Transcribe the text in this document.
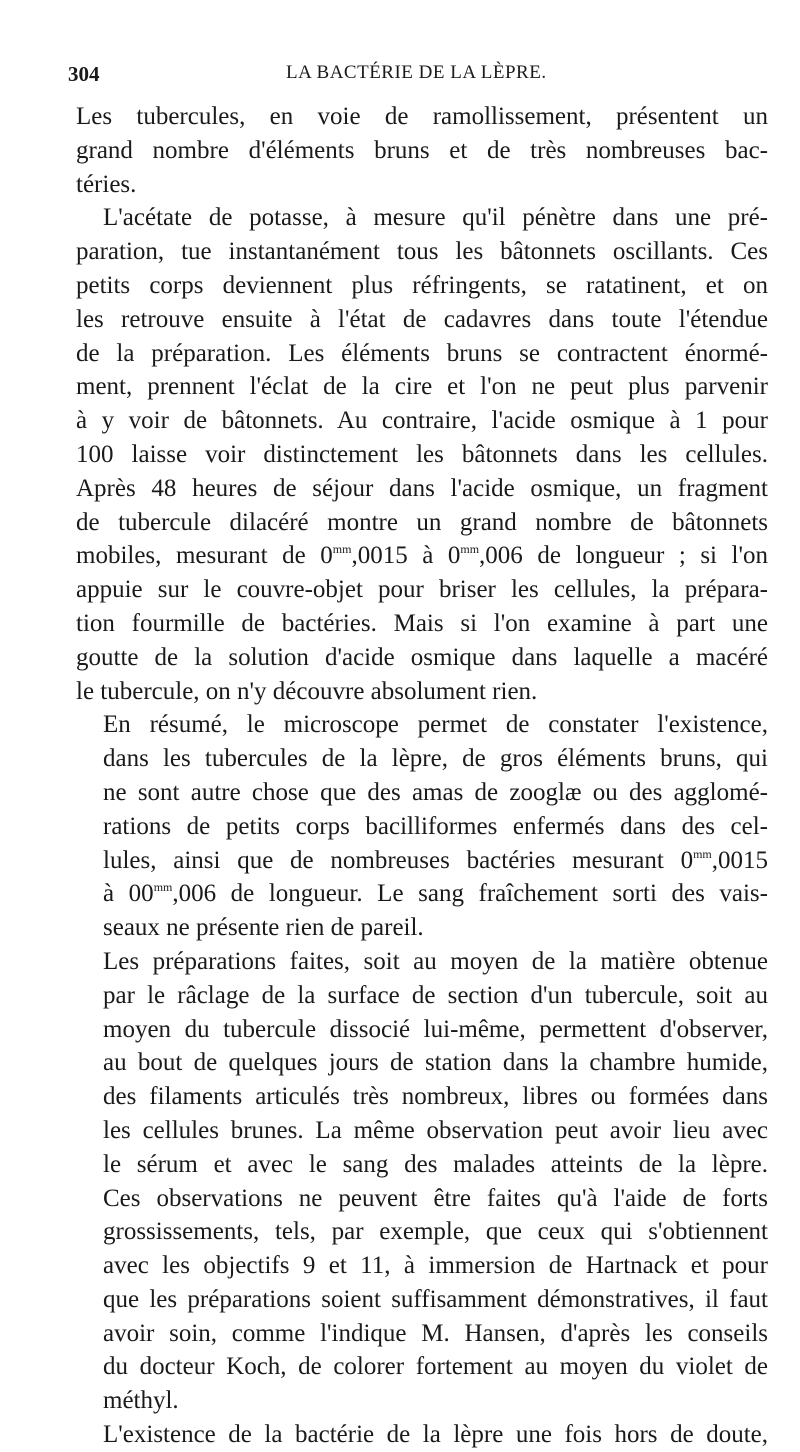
304	LA BACTÉRIE DE LA LÈPRE.
Les tubercules, en voie de ramollissement, présentent un
grand nombre d'éléments bruns et de très nombreuses bac-
téries.
L'acétate de potasse, à mesure qu'il pénètre dans une pré-
paration, tue instantanément tous les bâtonnets oscillants. Ces
petits corps deviennent plus réfringents, se ratatinent, et on
les retrouve ensuite à l'état de cadavres dans toute l'étendue
de la préparation. Les éléments bruns se contractent énormé-
ment, prennent l'éclat de la cire et l'on ne peut plus parvenir
à y voir de bâtonnets. Au contraire, l'acide osmique à 1 pour
100 laisse voir distinctement les bâtonnets dans les cellules.
Après 48 heures de séjour dans l'acide osmique, un fragment
de tubercule dilacéré montre un grand nombre de bâtonnets
mobiles, mesurant de $0^{mm},0015$ à $0^{mm},006$ de longueur ; si l'on
appuie sur le couvre-objet pour briser les cellules, la prépara-
tion fourmille de bactéries. Mais si l'on examine à part une
goutte de la solution d'acide osmique dans laquelle a macéré
le tubercule, on n'y découvre absolument rien.
En résumé, le microscope permet de constater l'existence,
dans les tubercules de la lèpre, de gros éléments bruns, qui
ne sont autre chose que des amas de zooglæ ou des agglomé-
rations de petits corps bacilliformes enfermés dans des cel-
lules, ainsi que de nombreuses bactéries mesurant $0^{mm},0015$
à $00^{mm},006$ de longueur. Le sang fraîchement sorti des vais-
seaux ne présente rien de pareil.
Les préparations faites, soit au moyen de la matière obtenue
par le râclage de la surface de section d'un tubercule, soit au
moyen du tubercule dissocié lui-même, permettent d'observer,
au bout de quelques jours de station dans la chambre humide,
des filaments articulés très nombreux, libres ou formées dans
les cellules brunes. La même observation peut avoir lieu avec
le sérum et avec le sang des malades atteints de la lèpre.
Ces observations ne peuvent être faites qu'à l'aide de forts
grossissements, tels, par exemple, que ceux qui s'obtiennent
avec les objectifs 9 et 11, à immersion de Hartnack et pour
que les préparations soient suffisamment démonstratives, il faut
avoir soin, comme l'indique M. Hansen, d'après les conseils
du docteur Koch, de colorer fortement au moyen du violet de
méthyl.
L'existence de la bactérie de la lèpre une fois hors de doute,
